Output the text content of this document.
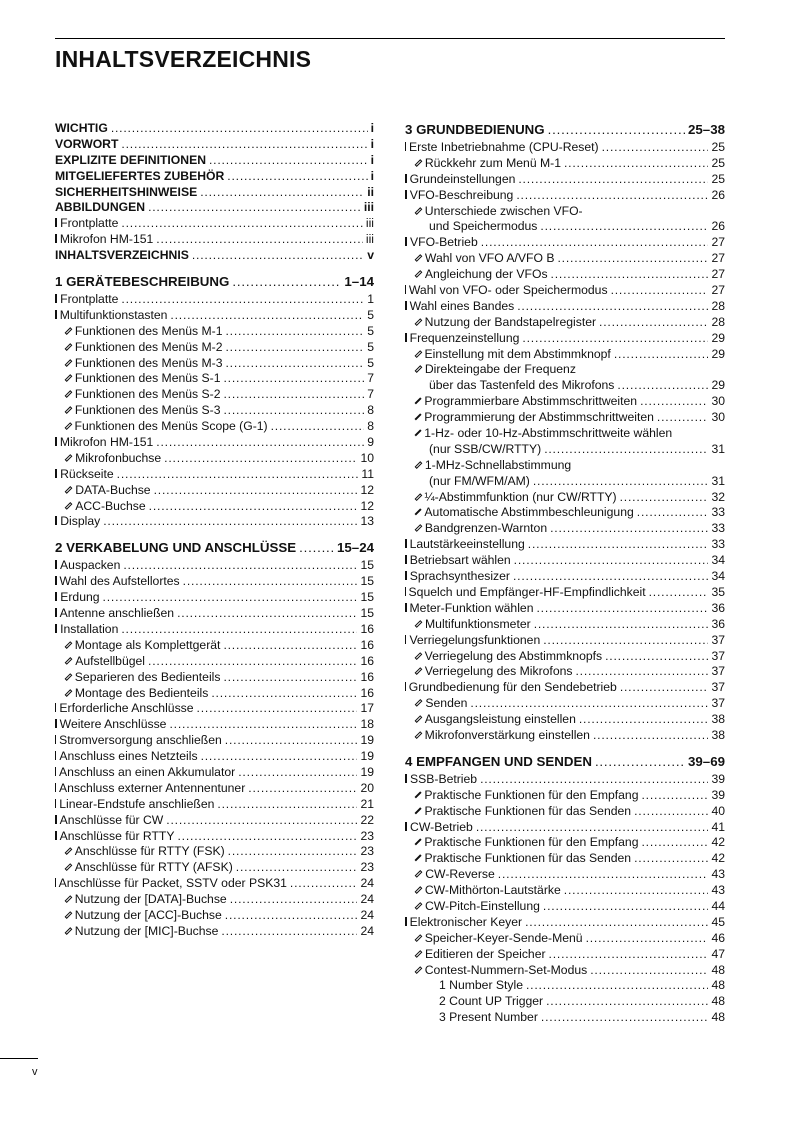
INHALTSVERZEICHNIS
WICHTIG .....	i
VORWORT .....	i
EXPLIZITE DEFINITIONEN .....	i
MITGELIEFERTES ZUBEHÖR .....	i
SICHERHEITSHINWEISE .....	ii
ABBILDUNGEN .....	iii
Frontplatte .....	iii
Mikrofon HM-151 .....	iii
INHALTSVERZEICHNIS .....	v
1 GERÄTEBESCHREIBUNG .....	1–14
Frontplatte .....	1
Multifunktionstasten .....	5
Funktionen des Menüs M-1 .....	5
Funktionen des Menüs M-2 .....	5
Funktionen des Menüs M-3 .....	5
Funktionen des Menüs S-1 .....	7
Funktionen des Menüs S-2 .....	7
Funktionen des Menüs S-3 .....	8
Funktionen des Menüs Scope (G-1) .....	8
Mikrofon HM-151 .....	9
Mikrofonbuchse .....	10
Rückseite .....	11
DATA-Buchse .....	12
ACC-Buchse .....	12
Display .....	13
2 VERKABELUNG UND ANSCHLÜSSE .....	15–24
Auspacken .....	15
Wahl des Aufstellortes .....	15
Erdung .....	15
Antenne anschließen .....	15
Installation .....	16
Montage als Komplettgerät .....	16
Aufstellbügel .....	16
Separieren des Bedienteils .....	16
Montage des Bedienteils .....	16
Erforderliche Anschlüsse .....	17
Weitere Anschlüsse .....	18
Stromversorgung anschließen .....	19
Anschluss eines Netzteils .....	19
Anschluss an einen Akkumulator .....	19
Anschluss externer Antennentuner .....	20
Linear-Endstufe anschließen .....	21
Anschlüsse für CW .....	22
Anschlüsse für RTTY .....	23
Anschlüsse für RTTY (FSK) .....	23
Anschlüsse für RTTY (AFSK) .....	23
Anschlüsse für Packet, SSTV oder PSK31 .....	24
Nutzung der [DATA]-Buchse .....	24
Nutzung der [ACC]-Buchse .....	24
Nutzung der [MIC]-Buchse .....	24
3 GRUNDBEDIENUNG .....	25–38
Erste Inbetriebnahme (CPU-Reset) .....	25
Rückkehr zum Menü M-1 .....	25
Grundeinstellungen .....	25
VFO-Beschreibung .....	26
Unterschiede zwischen VFO-
und Speichermodus .....	26
VFO-Betrieb .....	27
Wahl von VFO A/VFO B .....	27
Angleichung der VFOs .....	27
Wahl von VFO- oder Speichermodus .....	27
Wahl eines Bandes .....	28
Nutzung der Bandstapelregister .....	28
Frequenzeinstellung .....	29
Einstellung mit dem Abstimmknopf .....	29
Direkteingabe der Frequenz
über das Tastenfeld des Mikrofons .....	29
Programmierbare Abstimmschrittweiten .....	30
Programmierung der Abstimmschrittweiten .....	30
1-Hz- oder 10-Hz-Abstimmschrittweite wählen
(nur SSB/CW/RTTY) .....	31
1-MHz-Schnellabstimmung
(nur FM/WFM/AM) .....	31
¼-Abstimmfunktion (nur CW/RTTY) .....	32
Automatische Abstimmbeschleunigung .....	33
Bandgrenzen-Warnton .....	33
Lautstärkeeinstellung .....	33
Betriebsart wählen .....	34
Sprachsynthesizer .....	34
Squelch und Empfänger-HF-Empfindlichkeit .....	35
Meter-Funktion wählen .....	36
Multifunktionsmeter .....	36
Verriegelungsfunktionen .....	37
Verriegelung des Abstimmknopfs .....	37
Verriegelung des Mikrofons .....	37
Grundbedienung für den Sendebetrieb .....	37
Senden .....	37
Ausgangsleistung einstellen .....	38
Mikrofonverstärkung einstellen .....	38
4 EMPFANGEN UND SENDEN .....	39–69
SSB-Betrieb .....	39
Praktische Funktionen für den Empfang .....	39
Praktische Funktionen für das Senden .....	40
CW-Betrieb .....	41
Praktische Funktionen für den Empfang .....	42
Praktische Funktionen für das Senden .....	42
CW-Reverse .....	43
CW-Mithörton-Lautstärke .....	43
CW-Pitch-Einstellung .....	44
Elektronischer Keyer .....	45
Speicher-Keyer-Sende-Menü .....	46
Editieren der Speicher .....	47
Contest-Nummern-Set-Modus .....	48
1 Number Style .....	48
2 Count UP Trigger .....	48
3 Present Number .....	48
v
